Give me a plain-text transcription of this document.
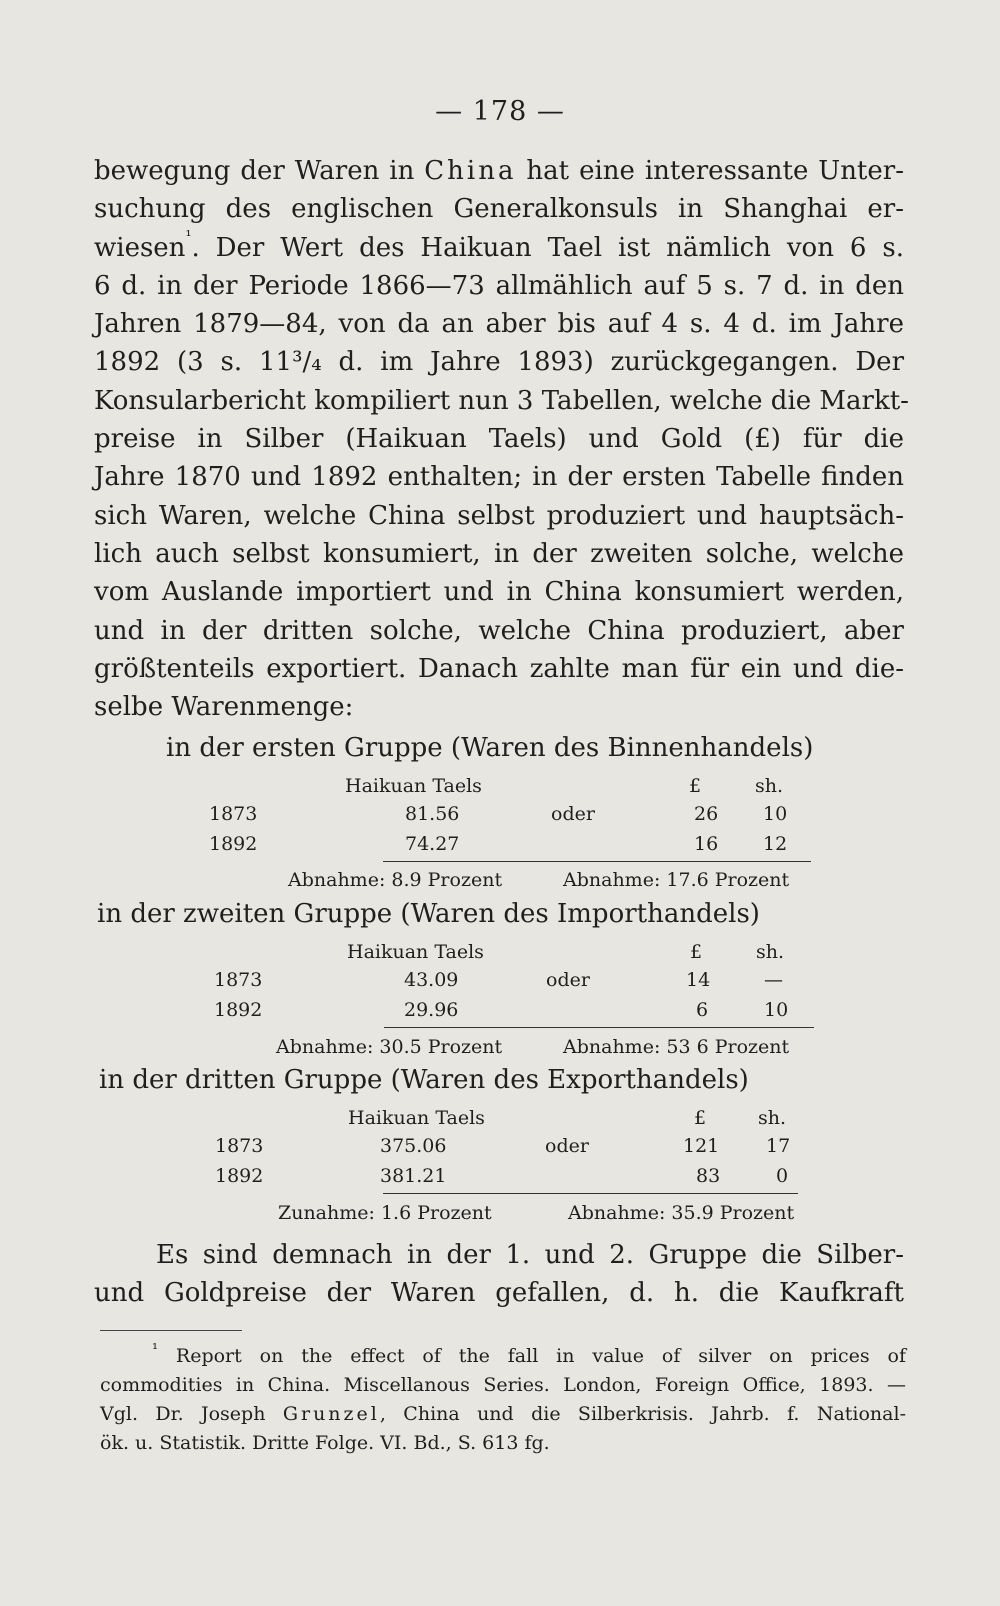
— 178 —
bewegung der Waren in China hat eine interessante Unter-
suchung des englischen Generalkonsuls in Shanghai er-
wiesen$^{^1}$. Der Wert des Haikuan Tael ist nämlich von 6 s.
6 d. in der Periode 1866—73 allmählich auf 5 s. 7 d. in den
Jahren 1879—84, von da an aber bis auf 4 s. 4 d. im Jahre
1892 (3 s. 11³/₄ d. im Jahre 1893) zurückgegangen. Der
Konsularbericht kompiliert nun 3 Tabellen, welche die Markt-
preise in Silber (Haikuan Taels) und Gold (£) für die
Jahre 1870 und 1892 enthalten; in der ersten Tabelle finden
sich Waren, welche China selbst produziert und hauptsäch-
lich auch selbst konsumiert, in der zweiten solche, welche
vom Auslande importiert und in China konsumiert werden,
und in der dritten solche, welche China produziert, aber
größtenteils exportiert. Danach zahlte man für ein und die-
selbe Warenmenge:
in der ersten Gruppe (Waren des Binnenhandels)
Haikuan Taels	£	sh.
1873	81.56	oder	26 10
1892	74.27	16 12
Abnahme: 8.9 Prozent	Abnahme: 17.6 Prozent
in der zweiten Gruppe (Waren des Importhandels)
Haikuan Taels	£	sh.
1873	43.09	oder	14	—
1892	29.96	6	10
Abnahme: 30.5 Prozent	Abnahme: 53 6 Prozent
in der dritten Gruppe (Waren des Exporthandels)
Haikuan Taels	£	sh.
1873	375.06	oder	121 17
1892	381.21	83	0
Zunahme: 1.6 Prozent	Abnahme: 35.9 Prozent
Es sind demnach in der 1. und 2. Gruppe die Silber-
und Goldpreise der Waren gefallen, d. h. die Kaufkraft
$^{^1}$ Report on the effect of the fall in value of silver on prices of
commodities in China. Miscellanous Series. London, Foreign Office, 1893. —
Vgl. Dr. Joseph Grunzel, China und die Silberkrisis. Jahrb. f. National-
ök. u. Statistik. Dritte Folge. VI. Bd., S. 613 fg.
